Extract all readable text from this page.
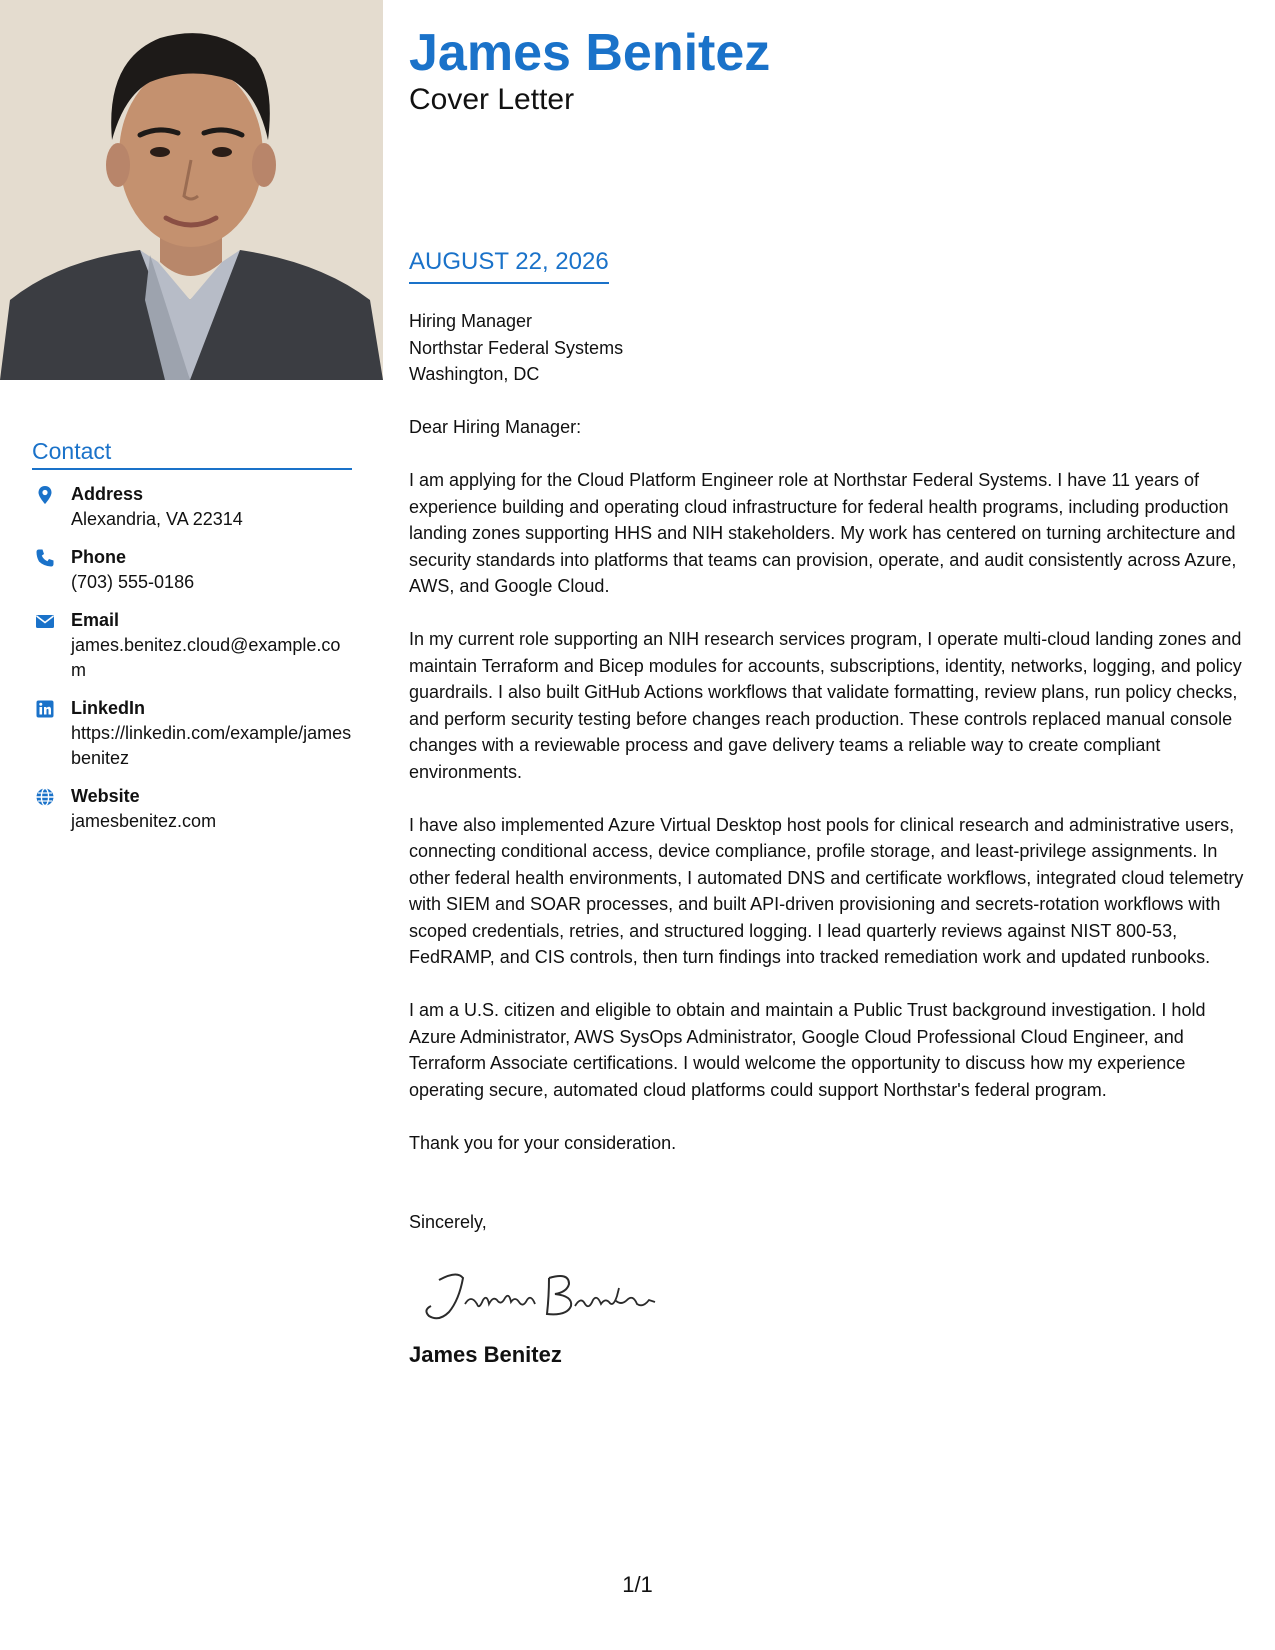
James Benitez
Cover Letter
AUGUST 22, 2026
Contact
Address
Alexandria, VA 22314
Phone
(703) 555-0186
Email
james.benitez.cloud@example.com
LinkedIn
https://linkedin.com/example/jamesbenitez
Website
jamesbenitez.com
Hiring Manager
Northstar Federal Systems
Washington, DC
Dear Hiring Manager:
I am applying for the Cloud Platform Engineer role at Northstar Federal Systems. I have 11 years of experience building and operating cloud infrastructure for federal health programs, including production landing zones supporting HHS and NIH stakeholders. My work has centered on turning architecture and security standards into platforms that teams can provision, operate, and audit consistently across Azure, AWS, and Google Cloud.
In my current role supporting an NIH research services program, I operate multi-cloud landing zones and maintain Terraform and Bicep modules for accounts, subscriptions, identity, networks, logging, and policy guardrails. I also built GitHub Actions workflows that validate formatting, review plans, run policy checks, and perform security testing before changes reach production. These controls replaced manual console changes with a reviewable process and gave delivery teams a reliable way to create compliant environments.
I have also implemented Azure Virtual Desktop host pools for clinical research and administrative users, connecting conditional access, device compliance, profile storage, and least-privilege assignments. In other federal health environments, I automated DNS and certificate workflows, integrated cloud telemetry with SIEM and SOAR processes, and built API-driven provisioning and secrets-rotation workflows with scoped credentials, retries, and structured logging. I lead quarterly reviews against NIST 800-53, FedRAMP, and CIS controls, then turn findings into tracked remediation work and updated runbooks.
I am a U.S. citizen and eligible to obtain and maintain a Public Trust background investigation. I hold Azure Administrator, AWS SysOps Administrator, Google Cloud Professional Cloud Engineer, and Terraform Associate certifications. I would welcome the opportunity to discuss how my experience operating secure, automated cloud platforms could support Northstar's federal program.
Thank you for your consideration.
Sincerely,
James Benitez
1/1
